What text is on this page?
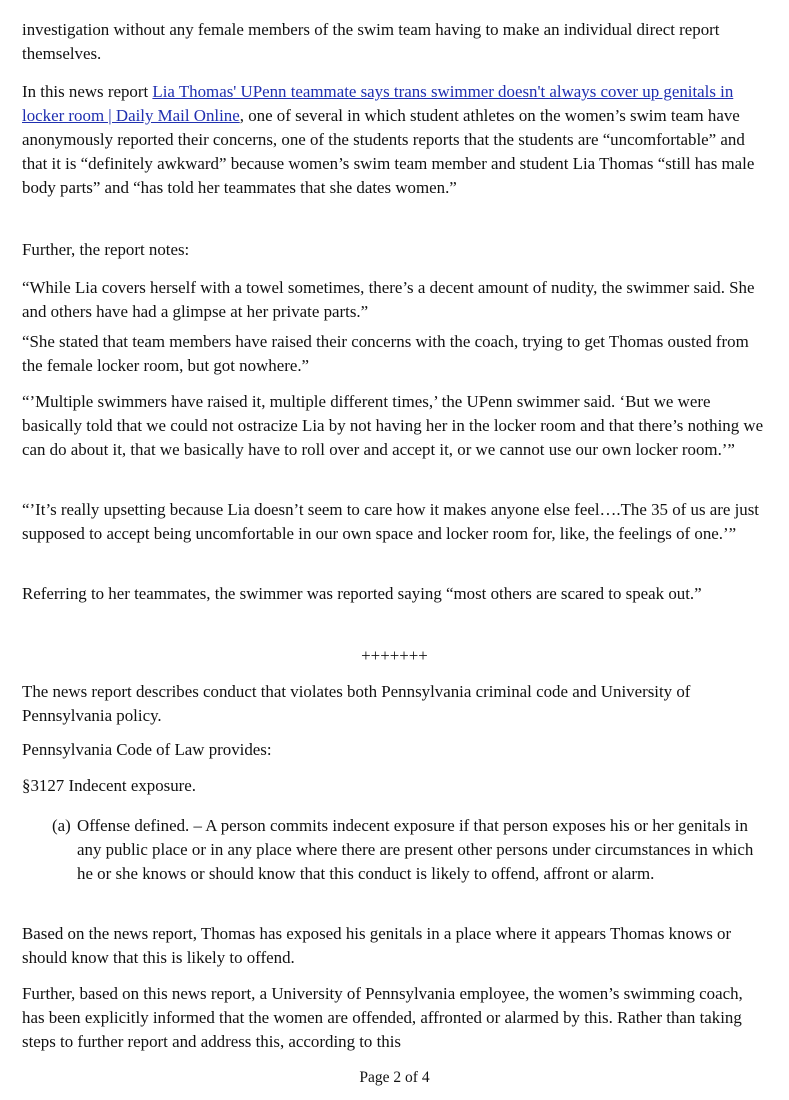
investigation without any female members of the swim team having to make an individual direct report themselves.

In this news report Lia Thomas' UPenn teammate says trans swimmer doesn't always cover up genitals in locker room | Daily Mail Online, one of several in which student athletes on the women’s swim team have anonymously reported their concerns, one of the students reports that the students are “uncomfortable” and that it is “definitely awkward” because women’s swim team member and student Lia Thomas “still has male body parts” and “has told her teammates that she dates women.”

Further, the report notes:

“While Lia covers herself with a towel sometimes, there’s a decent amount of nudity, the swimmer said. She and others have had a glimpse at her private parts.”

“She stated that team members have raised their concerns with the coach, trying to get Thomas ousted from the female locker room, but got nowhere.”

“’Multiple swimmers have raised it, multiple different times,’ the UPenn swimmer said. ‘But we were basically told that we could not ostracize Lia by not having her in the locker room and that there’s nothing we can do about it, that we basically have to roll over and accept it, or we cannot use our own locker room.’”

“’It’s really upsetting because Lia doesn’t seem to care how it makes anyone else feel….The 35 of us are just supposed to accept being uncomfortable in our own space and locker room for, like, the feelings of one.’”

Referring to her teammates, the swimmer was reported saying “most others are scared to speak out.”

+++++++

The news report describes conduct that violates both Pennsylvania criminal code and University of Pennsylvania policy.

Pennsylvania Code of Law provides:

§3127 Indecent exposure.

(a) Offense defined. – A person commits indecent exposure if that person exposes his or her genitals in any public place or in any place where there are present other persons under circumstances in which he or she knows or should know that this conduct is likely to offend, affront or alarm.

Based on the news report, Thomas has exposed his genitals in a place where it appears Thomas knows or should know that this is likely to offend.

Further, based on this news report, a University of Pennsylvania employee, the women’s swimming coach, has been explicitly informed that the women are offended, affronted or alarmed by this. Rather than taking steps to further report and address this, according to this

Page 2 of 4
